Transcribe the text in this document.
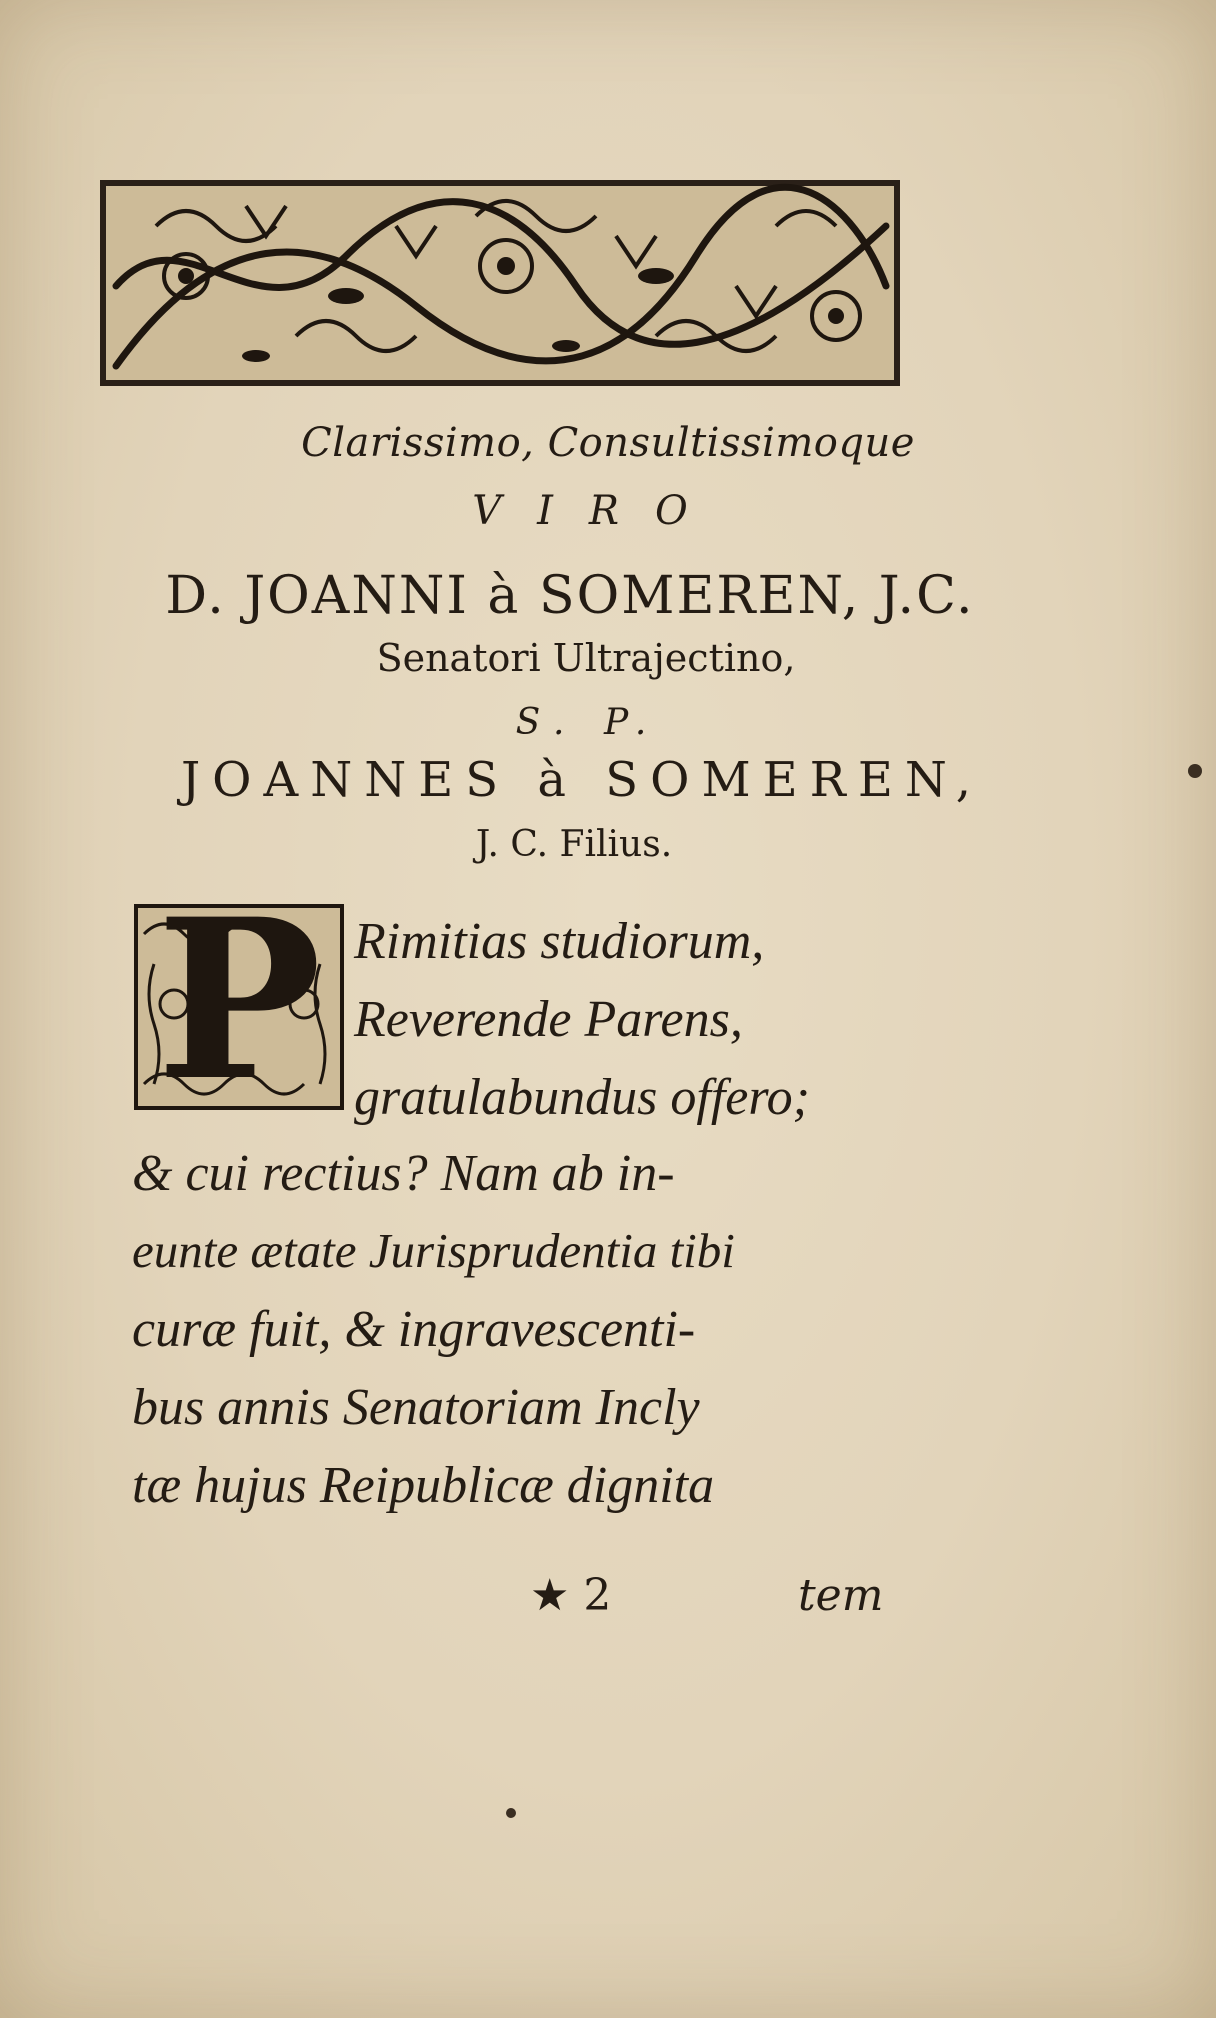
Clarissimo, Consultissimoque
VIRO
D. JOANNI à SOMEREN, J.C.
Senatori Ultrajectino,
S. P.
JOANNES à SOMEREN,
J. C. Filius.
P Rimitias studiorum,
Reverende Parens,
gratulabundus offero;
& cui rectius? Nam ab in-
eunte ætate Jurisprudentia tibi
curæ fuit, & ingravescenti-
bus annis Senatoriam Incly
tæ hujus Reipublicæ dignita
★ 2	tem
